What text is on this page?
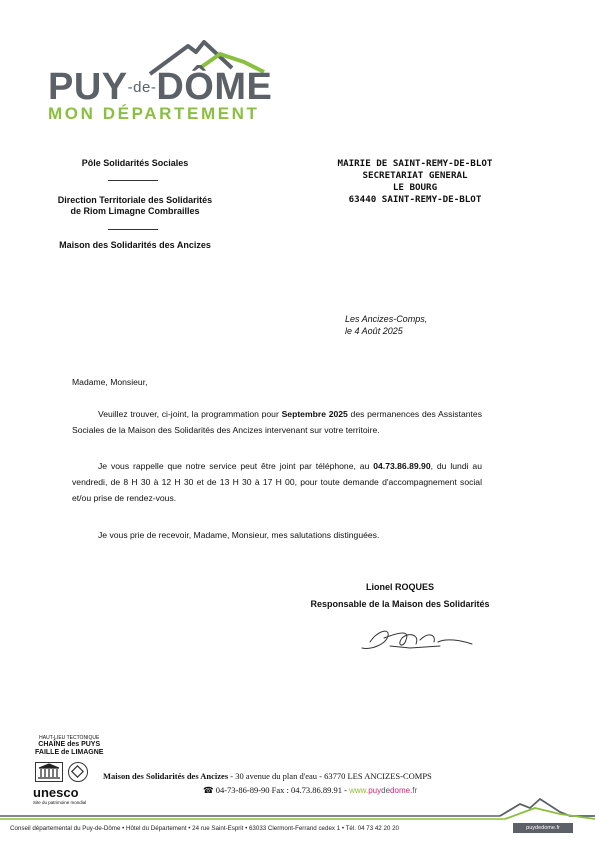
PUY-de-DÔME
MON DÉPARTEMENT
Pôle Solidarités Sociales
Direction Territoriale des Solidarités
de Riom Limagne Combrailles
Maison des Solidarités des Ancizes
MAIRIE DE SAINT-REMY-DE-BLOT
SECRETARIAT GENERAL
LE BOURG
63440 SAINT-REMY-DE-BLOT
Les Ancizes-Comps,
le 4 Août 2025
Madame, Monsieur,
Veuillez trouver, ci-joint, la programmation pour Septembre 2025 des permanences des Assistantes Sociales de la Maison des Solidarités des Ancizes intervenant sur votre territoire.
Je vous rappelle que notre service peut être joint par téléphone, au 04.73.86.89.90, du lundi au vendredi, de 8 H 30 à 12 H 30 et de 13 H 30 à 17 H 00, pour toute demande d'accompagnement social et/ou prise de rendez-vous.
Je vous prie de recevoir, Madame, Monsieur, mes salutations distinguées.
Lionel ROQUES
Responsable de la Maison des Solidarités
HAUT-LIEU TECTONIQUE
CHAÎNE des PUYS
FAILLE de LIMAGNE
unesco
Site du patrimoine mondial
Maison des Solidarités des Ancizes - 30 avenue du plan d'eau - 63770 LES ANCIZES-COMPS
☎ 04-73-86-89-90 Fax : 04.73.86.89.91 - www.puydedome.fr
Conseil départemental du Puy-de-Dôme • Hôtel du Département • 24 rue Saint-Esprit • 63033 Clermont-Ferrand cedex 1 • Tél. 04 73 42 20 20	puydedome.fr
